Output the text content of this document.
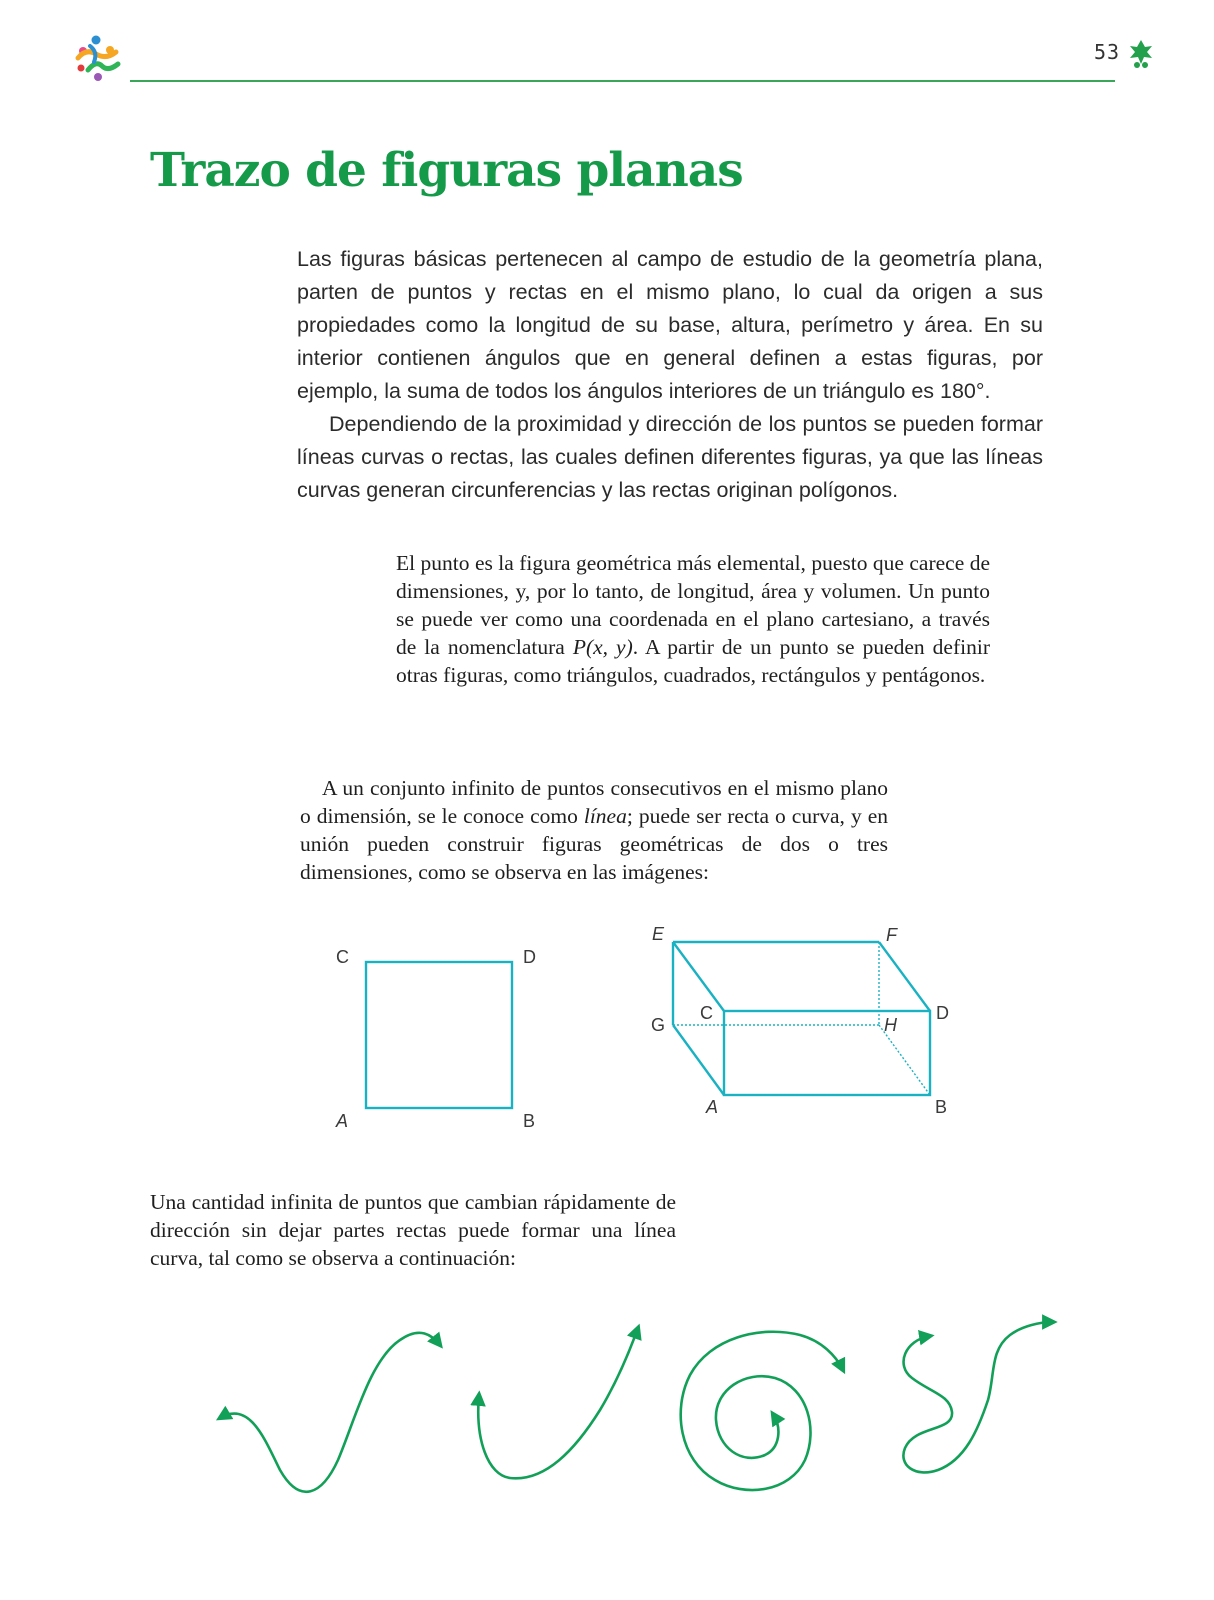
53
Trazo de figuras planas
Las figuras básicas pertenecen al campo de estudio de la geometría plana, parten de puntos y rectas en el mismo plano, lo cual da origen a sus propiedades como la longitud de su base, altura, perímetro y área. En su interior contienen ángulos que en general definen a estas figuras, por ejemplo, la suma de todos los ángulos interiores de un triángulo es 180°.
Dependiendo de la proximidad y dirección de los puntos se pueden formar líneas curvas o rectas, las cuales definen diferentes figuras, ya que las líneas curvas generan circunferencias y las rectas originan polígonos.

El punto es la figura geométrica más elemental, puesto que carece de dimensiones, y, por lo tanto, de longitud, área y volumen. Un punto se puede ver como una coordenada en el plano cartesiano, a través de la nomenclatura P(x, y). A partir de un punto se pueden definir otras figuras, como triángulos, cuadrados, rectángulos y pentágonos.

A un conjunto infinito de puntos consecutivos en el mismo plano o dimensión, se le conoce como línea; puede ser recta o curva, y en unión pueden construir figuras geométricas de dos o tres dimensiones, como se observa en las imágenes:

C	D
A	B
E	F
G
C
H
D
A	B

Una cantidad infinita de puntos que cambian rápidamente de dirección sin dejar partes rectas puede formar una línea curva, tal como se observa a continuación:
